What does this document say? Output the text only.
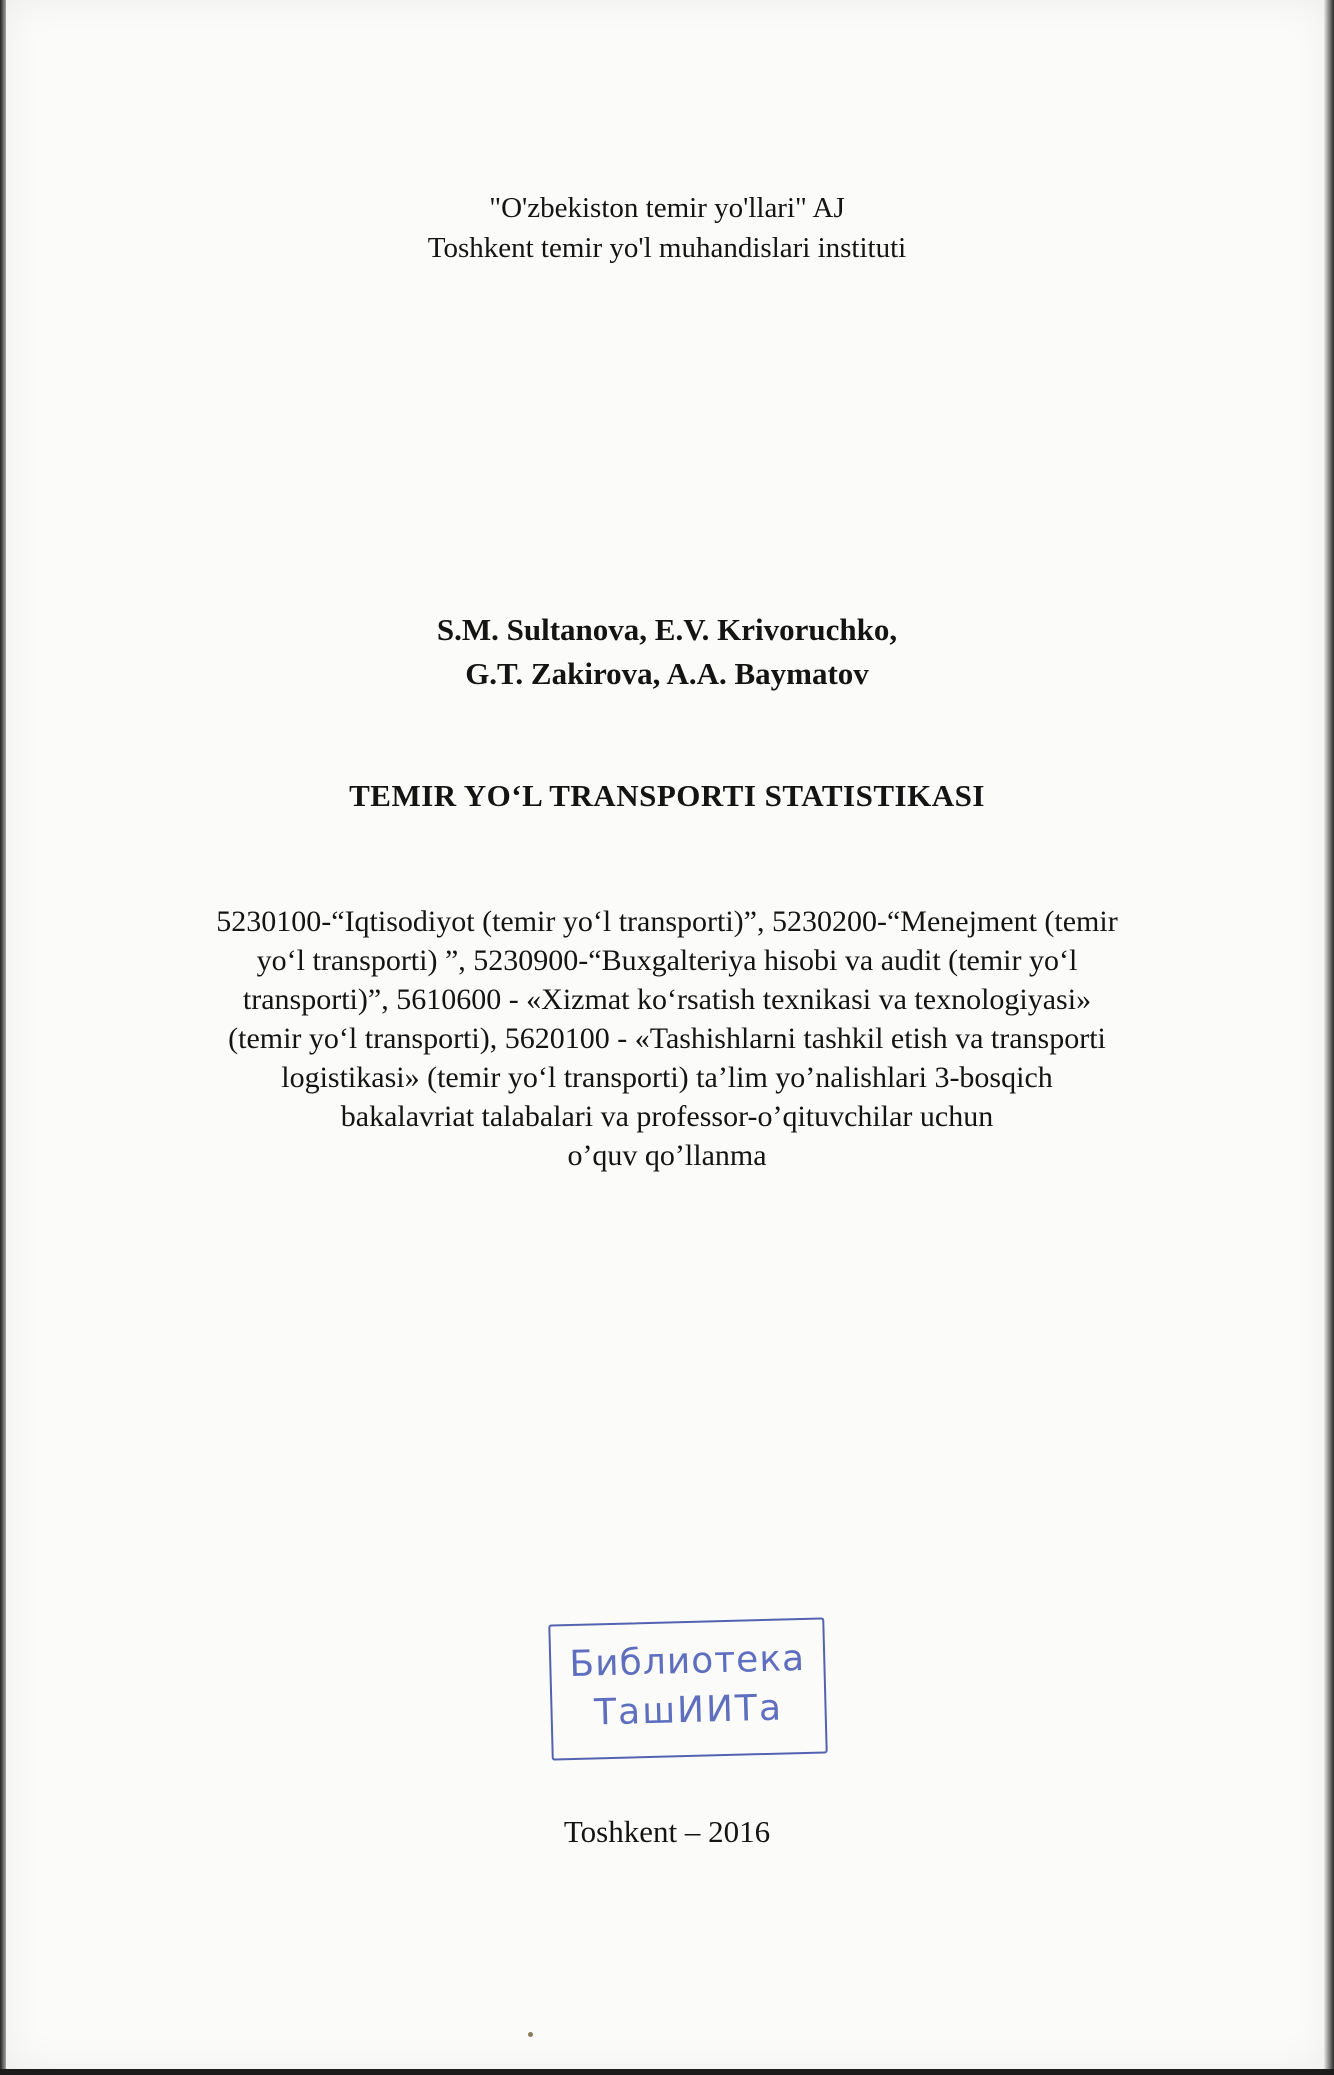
"O'zbekiston temir yo'llari" AJ
Toshkent temir yo'l muhandislari instituti
S.M. Sultanova, E.V. Krivoruchko,
G.T. Zakirova, A.A. Baymatov
TEMIR YO‘L TRANSPORTI STATISTIKASI
5230100-“Iqtisodiyot (temir yo‘l transporti)”, 5230200-“Menejment (temir
yo‘l transporti) ”, 5230900-“Buxgalteriya hisobi va audit (temir yo‘l
transporti)”, 5610600 - «Xizmat ko‘rsatish texnikasi va texnologiyasi»
(temir yo‘l transporti), 5620100 - «Tashishlarni tashkil etish va transporti
logistikasi» (temir yo‘l transporti) ta’lim yo’nalishlari 3-bosqich
bakalavriat talabalari va professor-o’qituvchilar uchun
o’quv qo’llanma
Библиотека
ТашИИТа
Toshkent – 2016
